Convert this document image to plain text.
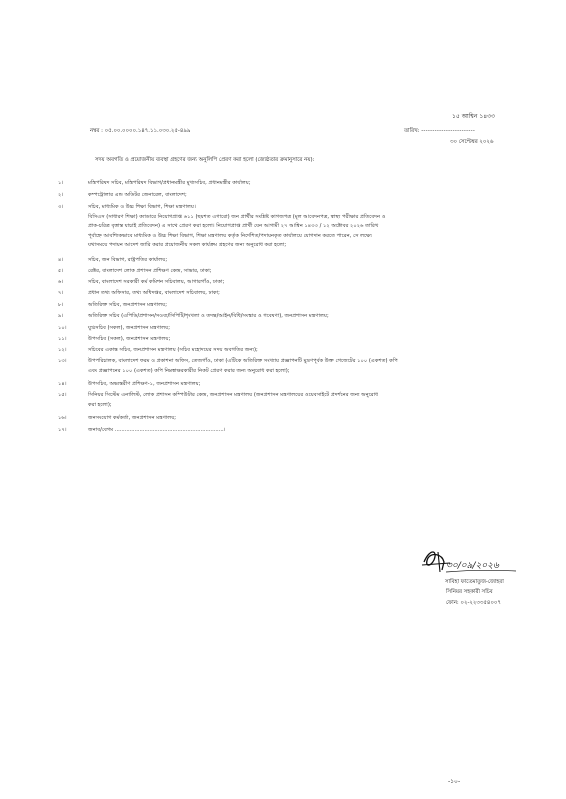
১৫ আশ্বিন ১৪৩৩
নম্বর : ০৫.০০.০০০০.১৪৭.১১.০৩০.২৫-৪৯৯	তারিখ: ------------------------
৩০ সেপ্টেম্বর ২০২৬
সদয় অবগতি ও প্রয়োজনীয় ব্যবস্থা গ্রহণের জন্য অনুলিপি প্রেরণ করা হলো (জ্যেষ্ঠতার ক্রমানুসারে নয়):
১।	মন্ত্রিপরিষদ সচিব, মন্ত্রিপরিষদ বিভাগ/প্রধানমন্ত্রীর মুখ্যসচিব, প্রধানমন্ত্রীর কার্যালয়;
২।	কম্পট্রোলার এন্ড অডিটর জেনারেল, বাংলাদেশ;
৩।	সচিব, মাধ্যমিক ও উচ্চ শিক্ষা বিভাগ, শিক্ষা মন্ত্রণালয়।
বিসিএস (সাধারণ শিক্ষা) ক্যাডারে নিয়োগপ্রাপ্ত ৬১১ (ছয়শত এগারো) জন প্রার্থীর সংশ্লিষ্ট কাগজপত্র (মূল আবেদনপত্র, স্বাস্থ্য পরীক্ষার প্রতিবেদন ও
প্রাক-চরিত্র বৃত্তান্ত যাচাই প্রতিবেদন) এ সাথে প্রেরণ করা হলো। নিয়োগপ্রাপ্ত প্রার্থী যেন আগামী ২৭ আশ্বিন ১৪৩৩ / ১২ অক্টোবর ২০২৬ তারিখ
পূর্বাহ্নে আবশ্যিকভাবে মাধ্যমিক ও উচ্চ শিক্ষা বিভাগ, শিক্ষা মন্ত্রণালয় কর্তৃক নির্দেশিত/পদায়নকৃত কার্যালয়ে যোগদান করতে পারেন, সে লক্ষ্যে
যথাসময়ে পদায়ন আদেশ জারি করার প্রয়োজনীয় সকল কার্যক্রম গ্রহণের জন্য অনুরোধ করা হলো;
৪।	সচিব, জন বিভাগ, রাষ্ট্রপতির কার্যালয়;
৫।	রেক্টর, বাংলাদেশ লোক প্রশাসন প্রশিক্ষণ কেন্দ্র, সাভার, ঢাকা;
৬।	সচিব, বাংলাদেশ সরকারী কর্ম কমিশন সচিবালয়, আগারগাঁও, ঢাকা;
৭।	প্রধান তথ্য অফিসার, তথ্য অধিদপ্তর, বাংলাদেশ সচিবালয়, ঢাকা;
৮।	অতিরিক্ত সচিব, জনপ্রশাসন মন্ত্রণালয়;
৯।	অতিরিক্ত সচিব (এপিডি/প্রশাসন/সওব্য/সিপিটি/শৃংখলা ও তদন্ত/আইন/বিধি/সংস্কার ও গবেষণা), জনপ্রশাসন মন্ত্রণালয়;
১০।	যুগ্মসচিব (সকল), জনপ্রশাসন মন্ত্রণালয়;
১১।	উপসচিব (সকল), জনপ্রশাসন মন্ত্রণালয়;
১২।	সচিবের একান্ত সচিব, জনপ্রশাসন মন্ত্রণালয় (সচিব মহোদয়ের সদয় অবগতির জন্য);
১৩।	উপপরিচালক, বাংলাদেশ ফরম ও প্রকাশনা অফিস, তেজগাঁও, ঢাকা (এটিকে অতিরিক্ত সংখ্যায় প্রজ্ঞাপনটি মুদ্রণপূর্বক উক্ত গেজেটের ১০০ (একশত) কপি
এবং প্রজ্ঞাপনের ১০০ (একশত) কপি নিম্নস্বাক্ষরকারীর নিকট প্রেরণ করার জন্য অনুরোধ করা হলো);
১৪।	উপসচিব, অভ্যন্তরীণ প্রশিক্ষণ-১, জনপ্রশাসন মন্ত্রণালয়;
১৫।	সিনিয়র সিস্টেম এনালিস্ট, লোক প্রশাসন কম্পিউটার কেন্দ্র, জনপ্রশাসন মন্ত্রণালয় (জনপ্রশাসন মন্ত্রণালয়ের ওয়েবসাইটে প্রদর্শনের জন্য অনুরোধ
করা হলো);
১৬।	জনসংযোগ কর্মকর্তা, জনপ্রশাসন মন্ত্রণালয়;
১৭।	জনাব/বেগম ..................................................................।
৩০/০৯/২০২৬
সাবিহা ফাতেমাতুজ-জোহরা
সিনিয়র সহকারী সচিব
ফোন: ০২-২২৩৩৫৪০০৭
-১০-
